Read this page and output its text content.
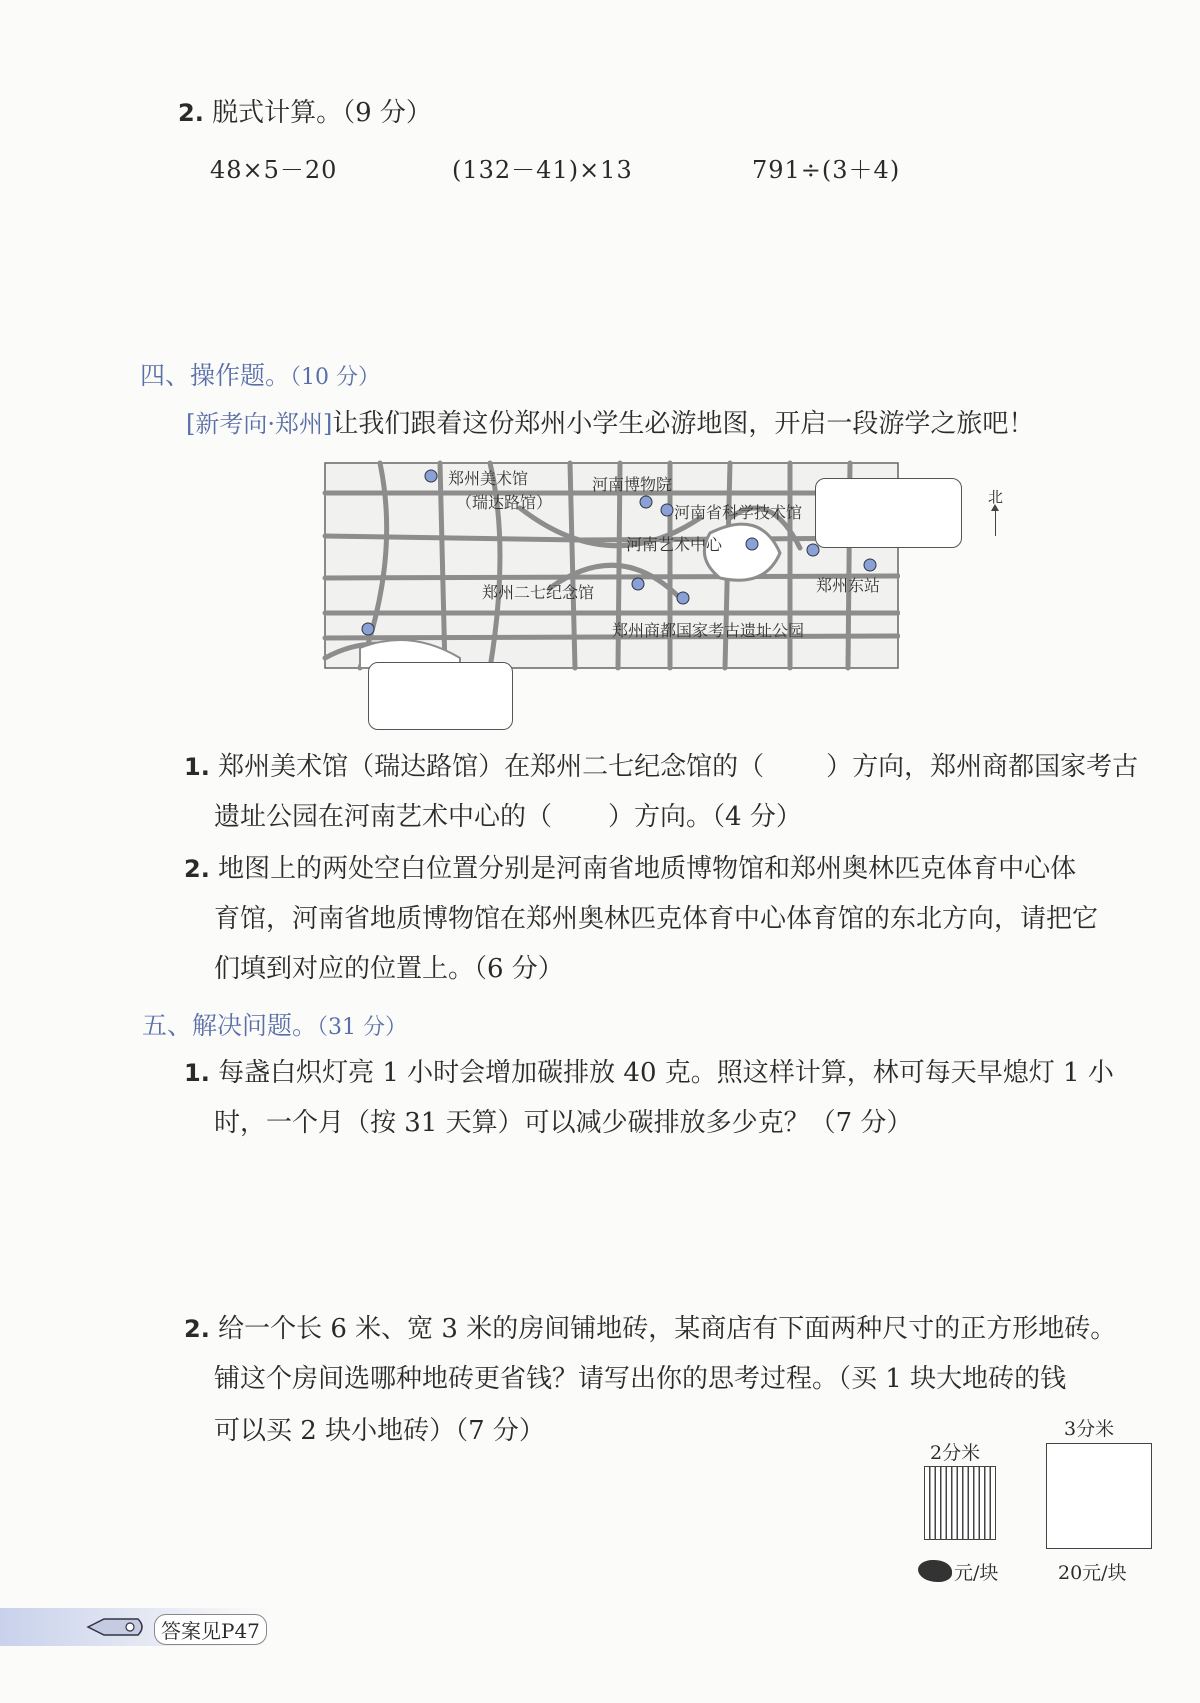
2. 脱式计算。（9 分）
48×5－20	(132－41)×13	791÷(3＋4)
四、操作题。（10 分）
[新考向·郑州]让我们跟着这份郑州小学生必游地图，开启一段游学之旅吧！
郑州美术馆
（瑞达路馆）
河南博物院
河南省科学技术馆
河南艺术中心
郑州二七纪念馆	郑州东站
郑州商都国家考古遗址公园
北
1. 郑州美术馆（瑞达路馆）在郑州二七纪念馆的（ ）方向，郑州商都国家考古
遗址公园在河南艺术中心的（ ）方向。（4 分）
2. 地图上的两处空白位置分别是河南省地质博物馆和郑州奥林匹克体育中心体
育馆，河南省地质博物馆在郑州奥林匹克体育中心体育馆的东北方向，请把它
们填到对应的位置上。（6 分）
五、解决问题。（31 分）
1. 每盏白炽灯亮 1 小时会增加碳排放 40 克。照这样计算，林可每天早熄灯 1 小
时，一个月（按 31 天算）可以减少碳排放多少克？（7 分）
2. 给一个长 6 米、宽 3 米的房间铺地砖，某商店有下面两种尺寸的正方形地砖。
铺这个房间选哪种地砖更省钱？请写出你的思考过程。（买 1 块大地砖的钱
可以买 2 块小地砖）（7 分）
2分米
元/块
3分米
20元/块
答案见P47
